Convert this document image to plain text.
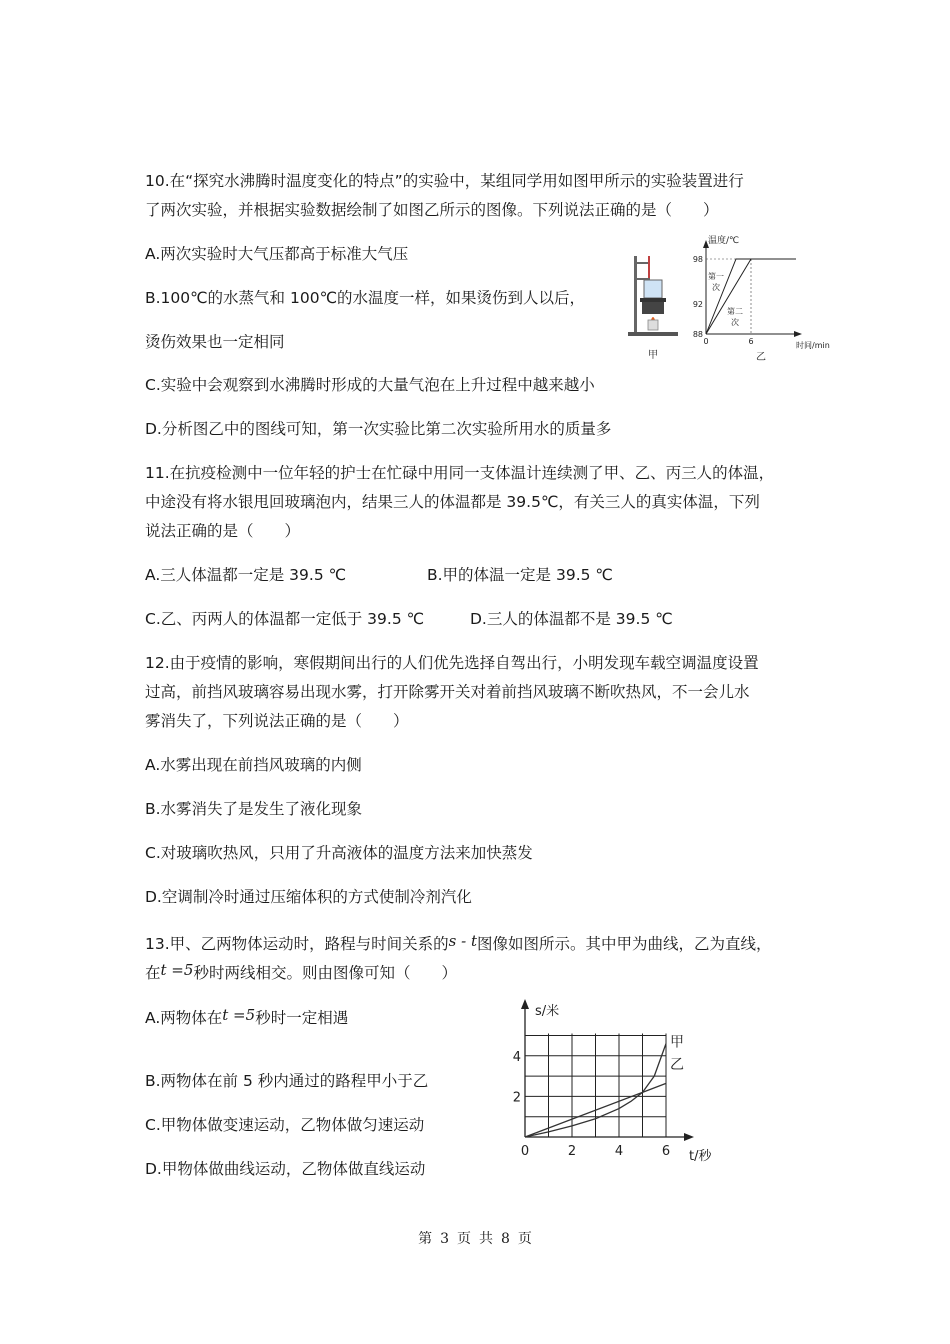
10.在“探究水沸腾时温度变化的特点”的实验中，某组同学用如图甲所示的实验装置进行
了两次实验，并根据实验数据绘制了如图乙所示的图像。下列说法正确的是（　　）
A.两次实验时大气压都高于标准大气压
B.100℃的水蒸气和 100℃的水温度一样，如果烫伤到人以后，
烫伤效果也一定相同
C.实验中会观察到水沸腾时形成的大量气泡在上升过程中越来越小
D.分析图乙中的图线可知，第一次实验比第二次实验所用水的质量多
甲
温度/℃
时间/min
乙
88
92
98
0	6
第一
次
第二
次
11.在抗疫检测中一位年轻的护士在忙碌中用同一支体温计连续测了甲、乙、丙三人的体温，
中途没有将水银甩回玻璃泡内，结果三人的体温都是 39.5℃，有关三人的真实体温，下列
说法正确的是（　　）
A.三人体温都一定是 39.5 ℃	B.甲的体温一定是 39.5 ℃
C.乙、丙两人的体温都一定低于 39.5 ℃	D.三人的体温都不是 39.5 ℃
12.由于疫情的影响，寒假期间出行的人们优先选择自驾出行，小明发现车载空调温度设置
过高，前挡风玻璃容易出现水雾，打开除雾开关对着前挡风玻璃不断吹热风，不一会儿水
雾消失了，下列说法正确的是（　　）
A.水雾出现在前挡风玻璃的内侧
B.水雾消失了是发生了液化现象
C.对玻璃吹热风，只用了升高液体的温度方法来加快蒸发
D.空调制冷时通过压缩体积的方式使制冷剂汽化
13.甲、乙两物体运动时，路程与时间关系的s - t图像如图所示。其中甲为曲线，乙为直线，
在t =5秒时两线相交。则由图像可知（　　）
A.两物体在t =5秒时一定相遇
B.两物体在前 5 秒内通过的路程甲小于乙
C.甲物体做变速运动，乙物体做匀速运动
D.甲物体做曲线运动，乙物体做直线运动
s/米
t/秒
0	2	4	6
2
4
甲
乙
第 3 页 共 8 页
